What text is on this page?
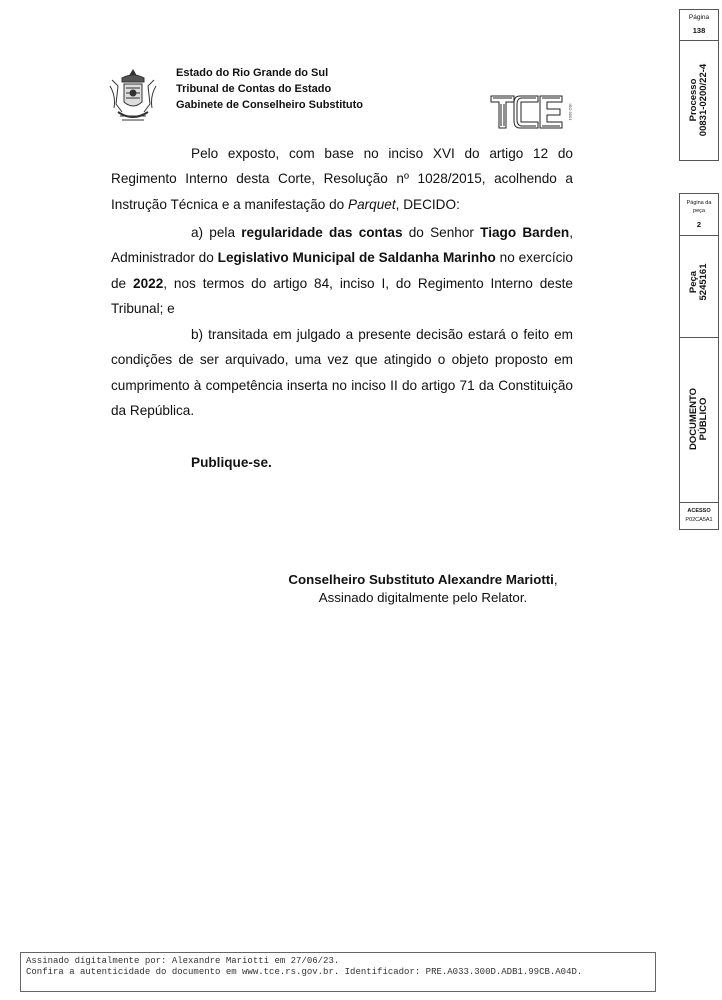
Estado do Rio Grande do Sul
Tribunal de Contas do Estado
Gabinete de Conselheiro Substituto	ISO 9001
Pelo exposto, com base no inciso XVI do artigo 12 do Regimento Interno desta Corte, Resolução nº 1028/2015, acolhendo a Instrução Técnica e a manifestação do Parquet, DECIDO:
a) pela regularidade das contas do Senhor Tiago Barden, Administrador do Legislativo Municipal de Saldanha Marinho no exercício de 2022, nos termos do artigo 84, inciso I, do Regimento Interno deste Tribunal; e
b) transitada em julgado a presente decisão estará o feito em condições de ser arquivado, uma vez que atingido o objeto proposto em cumprimento à competência inserta no inciso II do artigo 71 da Constituição da República.
Publique-se.
Conselheiro Substituto Alexandre Mariotti,
Assinado digitalmente pelo Relator.
Página
138
Processo 00831-0200/22-4
Página da
peça
2
Peça 5245161
DOCUMENTO PÚBLICO
ACESSO
P02CA5A1
Assinado digitalmente por: Alexandre Mariotti em 27/06/23.
Confira a autenticidade do documento em www.tce.rs.gov.br. Identificador: PRE.A033.300D.ADB1.99CB.A04D.
